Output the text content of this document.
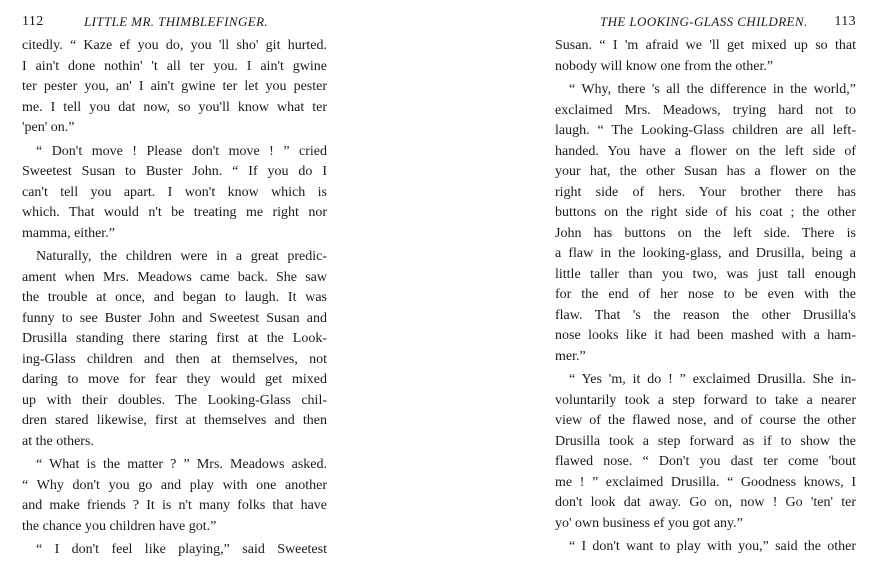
112	LITTLE MR. THIMBLEFINGER.
citedly. “ Kaze ef you do, you 'll sho' git hurted.
I ain't done nothin' 't all ter you. I ain't gwine
ter pester you, an' I ain't gwine ter let you pester
me. I tell you dat now, so you'll know what ter
'pen' on.”
“ Don't move ! Please don't move ! ” cried
Sweetest Susan to Buster John. “ If you do I
can't tell you apart. I won't know which is
which. That would n't be treating me right nor
mamma, either.”
Naturally, the children were in a great predic-
ament when Mrs. Meadows came back. She saw
the trouble at once, and began to laugh. It was
funny to see Buster John and Sweetest Susan and
Drusilla standing there staring first at the Look-
ing-Glass children and then at themselves, not
daring to move for fear they would get mixed
up with their doubles. The Looking-Glass chil-
dren stared likewise, first at themselves and then
at the others.
“ What is the matter ? ” Mrs. Meadows asked.
“ Why don't you go and play with one another
and make friends ? It is n't many folks that have
the chance you children have got.”
“ I don't feel like playing,” said Sweetest
THE LOOKING-GLASS CHILDREN. 113
Susan. “ I 'm afraid we 'll get mixed up so that
nobody will know one from the other.”
“ Why, there 's all the difference in the world,”
exclaimed Mrs. Meadows, trying hard not to
laugh. “ The Looking-Glass children are all left-
handed. You have a flower on the left side of
your hat, the other Susan has a flower on the
right side of hers. Your brother there has
buttons on the right side of his coat ; the other
John has buttons on the left side. There is
a flaw in the looking-glass, and Drusilla, being a
little taller than you two, was just tall enough
for the end of her nose to be even with the
flaw. That 's the reason the other Drusilla's
nose looks like it had been mashed with a ham-
mer.”
“ Yes 'm, it do ! ” exclaimed Drusilla. She in-
voluntarily took a step forward to take a nearer
view of the flawed nose, and of course the other
Drusilla took a step forward as if to show the
flawed nose. “ Don't you dast ter come 'bout
me ! ” exclaimed Drusilla. “ Goodness knows, I
don't look dat away. Go on, now ! Go 'ten' ter
yo' own business ef you got any.”
“ I don't want to play with you,” said the other
